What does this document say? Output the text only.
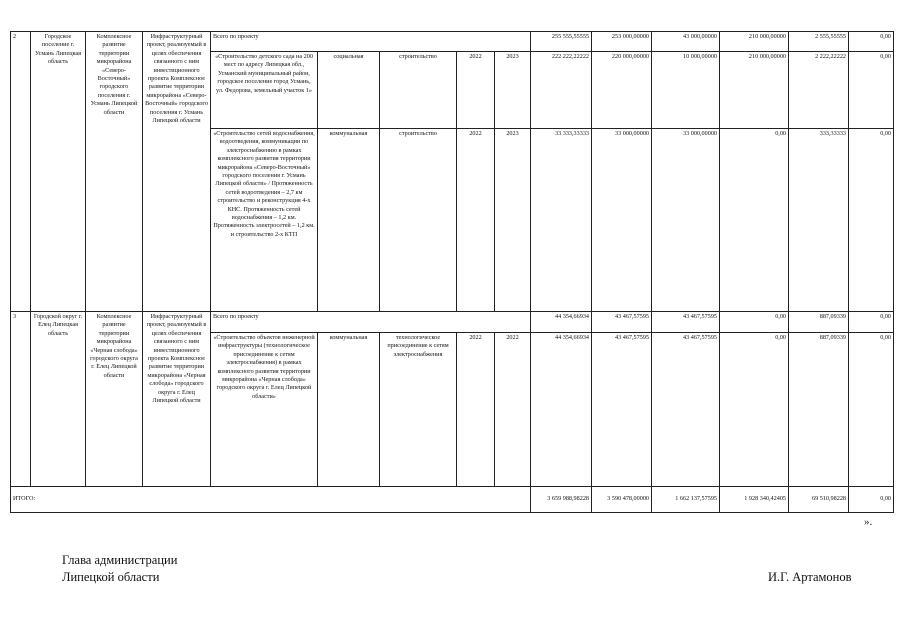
2	Городское поселение г. Усмань Липецкая область	Комплексное развитие территории микрорайона «Северо-Восточный» городского поселения г. Усмань Липецкой области	Инфраструктурный проект, реализуемый в целях обеспечения связанного с ним инвестиционного проекта Комплексное развитие территории микрорайона «Северо-Восточный» городского поселения г. Усмань Липецкой области	Всего по проекту					255 555,55555	253 000,00000	43 000,00000	210 000,00000	2 555,55555	0,00
				«Строительство детского сада на 200 мест по адресу Липецкая обл., Усманский муниципальный район, городское поселение город Усмань, ул. Федорова, земельный участок 1»	социальная	строительство	2022	2023	222 222,22222	220 000,00000	10 000,00000	210 000,00000	2 222,22222	0,00
				«Строительство сетей водоснабжения, водоотведения, коммуникации по электроснабжению в рамках комплексного развития территории микрорайона «Северо-Восточный» городского поселения г. Усмань Липецкой области» / Протяженность сетей водоотведения – 2,7 км строительство и реконструкция 4-х КНС. Протяженность сетей водоснабжения – 1,2 км. Протяженность электросетей – 1,2 км. и строительство 2-х КТП	коммунальная	строительство	2022	2023	33 333,33333	33 000,00000	33 000,00000	0,00	333,33333	0,00
3	Городской округ г. Елец Липецкая область	Комплексное развитие территории микрорайона «Черная слобода» городского округа г. Елец Липецкой области	Инфраструктурный проект, реализуемый в целях обеспечения связанного с ним инвестиционного проекта Комплексное развитие территории микрорайона «Черная слобода» городского округа г. Елец Липецкой области	Всего по проекту					44 354,66934	43 467,57595	43 467,57595	0,00	887,09339	0,00
				«Строительство объектов инженерной инфраструктуры (технологическое присоединение к сетям электроснабжения) в рамках комплексного развития территории микрорайона «Черная слобода» городского округа г. Елец Липецкой области»	коммунальная	технологическое присоединение к сетям электроснабжения	2022	2022	44 354,66934	43 467,57595	43 467,57595	0,00	887,09339	0,00
ИТОГО:									3 659 988,98228	3 590 478,00000	1 662 137,57595	1 928 340,42405	69 510,98228	0,00
».
Глава администрации
Липецкой области	И.Г. Артамонов
